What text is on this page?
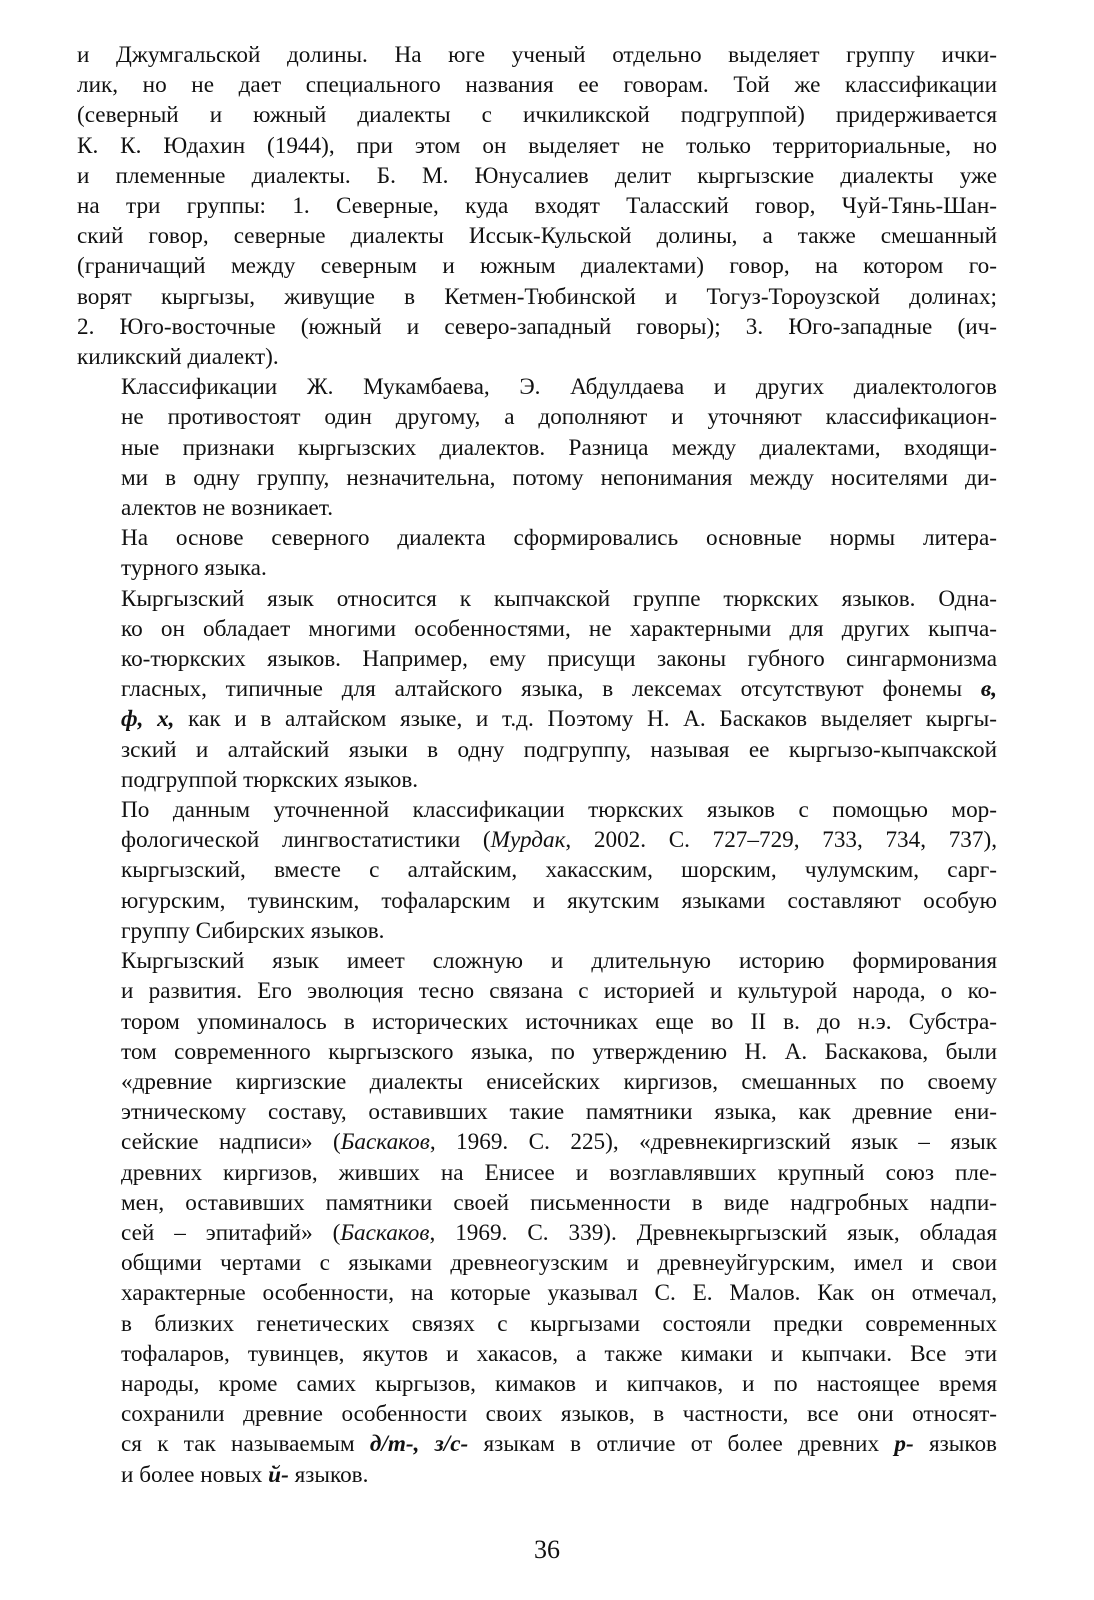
и Джумгальской долины. На юге ученый отдельно выделяет группу ички-
лик, но не дает специального названия ее говорам. Той же классификации
(северный и южный диалекты с ичкиликской подгруппой) придерживается
К. К. Юдахин (1944), при этом он выделяет не только территориальные, но
и племенные диалекты. Б. М. Юнусалиев делит кыргызские диалекты уже
на три группы: 1. Северные, куда входят Таласский говор, Чуй-Тянь-Шан-
ский говор, северные диалекты Иссык-Кульской долины, а также смешанный
(граничащий между северным и южным диалектами) говор, на котором го-
ворят кыргызы, живущие в Кетмен-Тюбинской и Тогуз-Тороузской долинах;
2. Юго-восточные (южный и северо-западный говоры); 3. Юго-западные (ич-
киликский диалект).

Классификации Ж. Мукамбаева, Э. Абдулдаева и других диалектологов
не противостоят один другому, а дополняют и уточняют классификацион-
ные признаки кыргызских диалектов. Разница между диалектами, входящи-
ми в одну группу, незначительна, потому непонимания между носителями ди-
алектов не возникает.

На основе северного диалекта сформировались основные нормы литера-
турного языка.

Кыргызский язык относится к кыпчакской группе тюркских языков. Одна-
ко он обладает многими особенностями, не характерными для других кыпча-
ко-тюркских языков. Например, ему присущи законы губного сингармонизма
гласных, типичные для алтайского языка, в лексемах отсутствуют фонемы в,
ф, х, как и в алтайском языке, и т.д. Поэтому Н. А. Баскаков выделяет кыргы-
зский и алтайский языки в одну подгруппу, называя ее кыргызо-кыпчакской
подгруппой тюркских языков.

По данным уточненной классификации тюркских языков с помощью мор-
фологической лингвостатистики (Мурдак, 2002. С. 727–729, 733, 734, 737),
кыргызский, вместе с алтайским, хакасским, шорским, чулумским, сарг-
югурским, тувинским, тофаларским и якутским языками составляют особую
группу Сибирских языков.

Кыргызский язык имеет сложную и длительную историю формирования
и развития. Его эволюция тесно связана с историей и культурой народа, о ко-
тором упоминалось в исторических источниках еще во II в. до н.э. Субстра-
том современного кыргызского языка, по утверждению Н. А. Баскакова, были
«древние киргизские диалекты енисейских киргизов, смешанных по своему
этническому составу, оставивших такие памятники языка, как древние ени-
сейские надписи» (Баскаков, 1969. С. 225), «древнекиргизский язык – язык
древних киргизов, живших на Енисее и возглавлявших крупный союз пле-
мен, оставивших памятники своей письменности в виде надгробных надпи-
сей – эпитафий» (Баскаков, 1969. С. 339). Древнекыргызский язык, обладая
общими чертами с языками древнеогузским и древнеуйгурским, имел и свои
характерные особенности, на которые указывал С. Е. Малов. Как он отмечал,
в близких генетических связях с кыргызами состояли предки современных
тофаларов, тувинцев, якутов и хакасов, а также кимаки и кыпчаки. Все эти
народы, кроме самих кыргызов, кимаков и кипчаков, и по настоящее время
сохранили древние особенности своих языков, в частности, все они относят-
ся к так называемым д/т-, з/с- языкам в отличие от более древних р- языков
и более новых й- языков.

36
